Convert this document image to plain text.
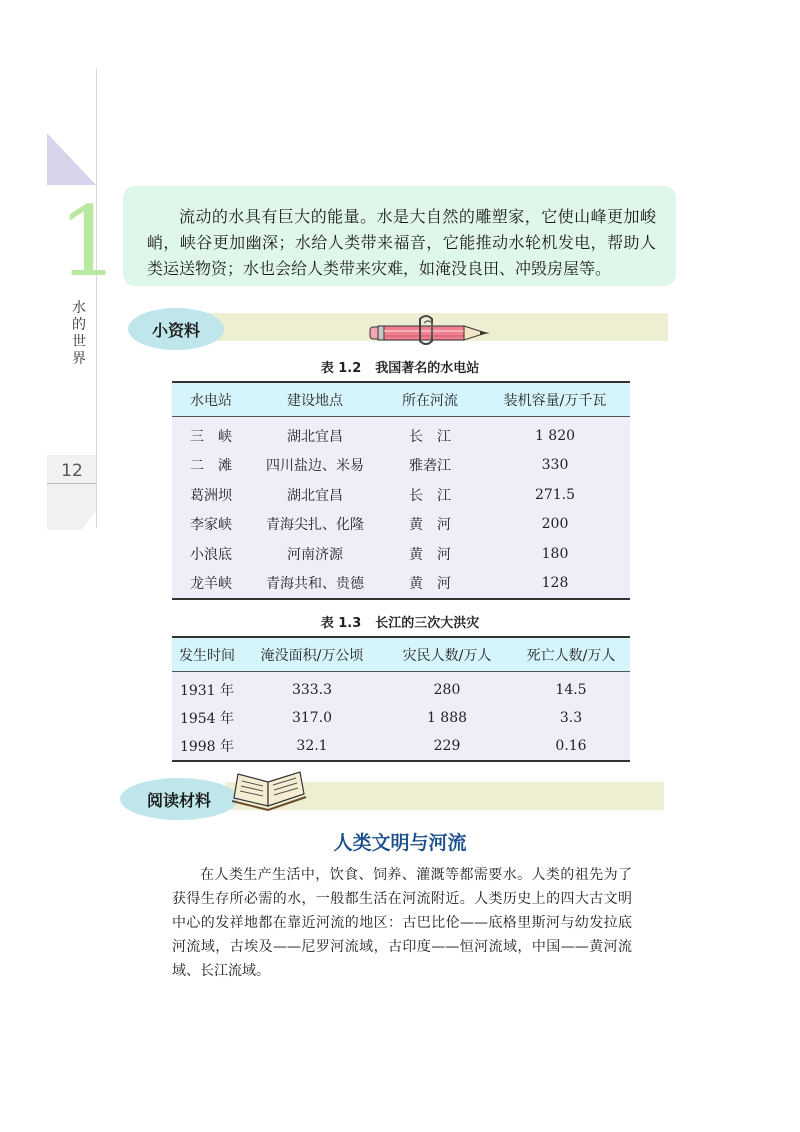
1
水的世界
12
流动的水具有巨大的能量。水是大自然的雕塑家，它使山峰更加峻峭，峡谷更加幽深；水给人类带来福音，它能推动水轮机发电，帮助人类运送物资；水也会给人类带来灾难，如淹没良田、冲毁房屋等。
小资料
表 1.2 我国著名的水电站
水电站	建设地点	所在河流	装机容量/万千瓦
三　峡	湖北宜昌	长　江	1 820
二　滩	四川盐边、米易	雅砻江	330
葛洲坝	湖北宜昌	长　江	271.5
李家峡	青海尖扎、化隆	黄　河	200
小浪底	河南济源	黄　河	180
龙羊峡	青海共和、贵德	黄　河	128
表 1.3 长江的三次大洪灾
发生时间	淹没面积/万公顷	灾民人数/万人	死亡人数/万人
1931 年	333.3	280	14.5
1954 年	317.0	1 888	3.3
1998 年	32.1	229	0.16
阅读材料
人类文明与河流
在人类生产生活中，饮食、饲养、灌溉等都需要水。人类的祖先为了获得生存所必需的水，一般都生活在河流附近。人类历史上的四大古文明中心的发祥地都在靠近河流的地区：古巴比伦——底格里斯河与幼发拉底河流域，古埃及——尼罗河流域，古印度——恒河流域，中国——黄河流域、长江流域。
